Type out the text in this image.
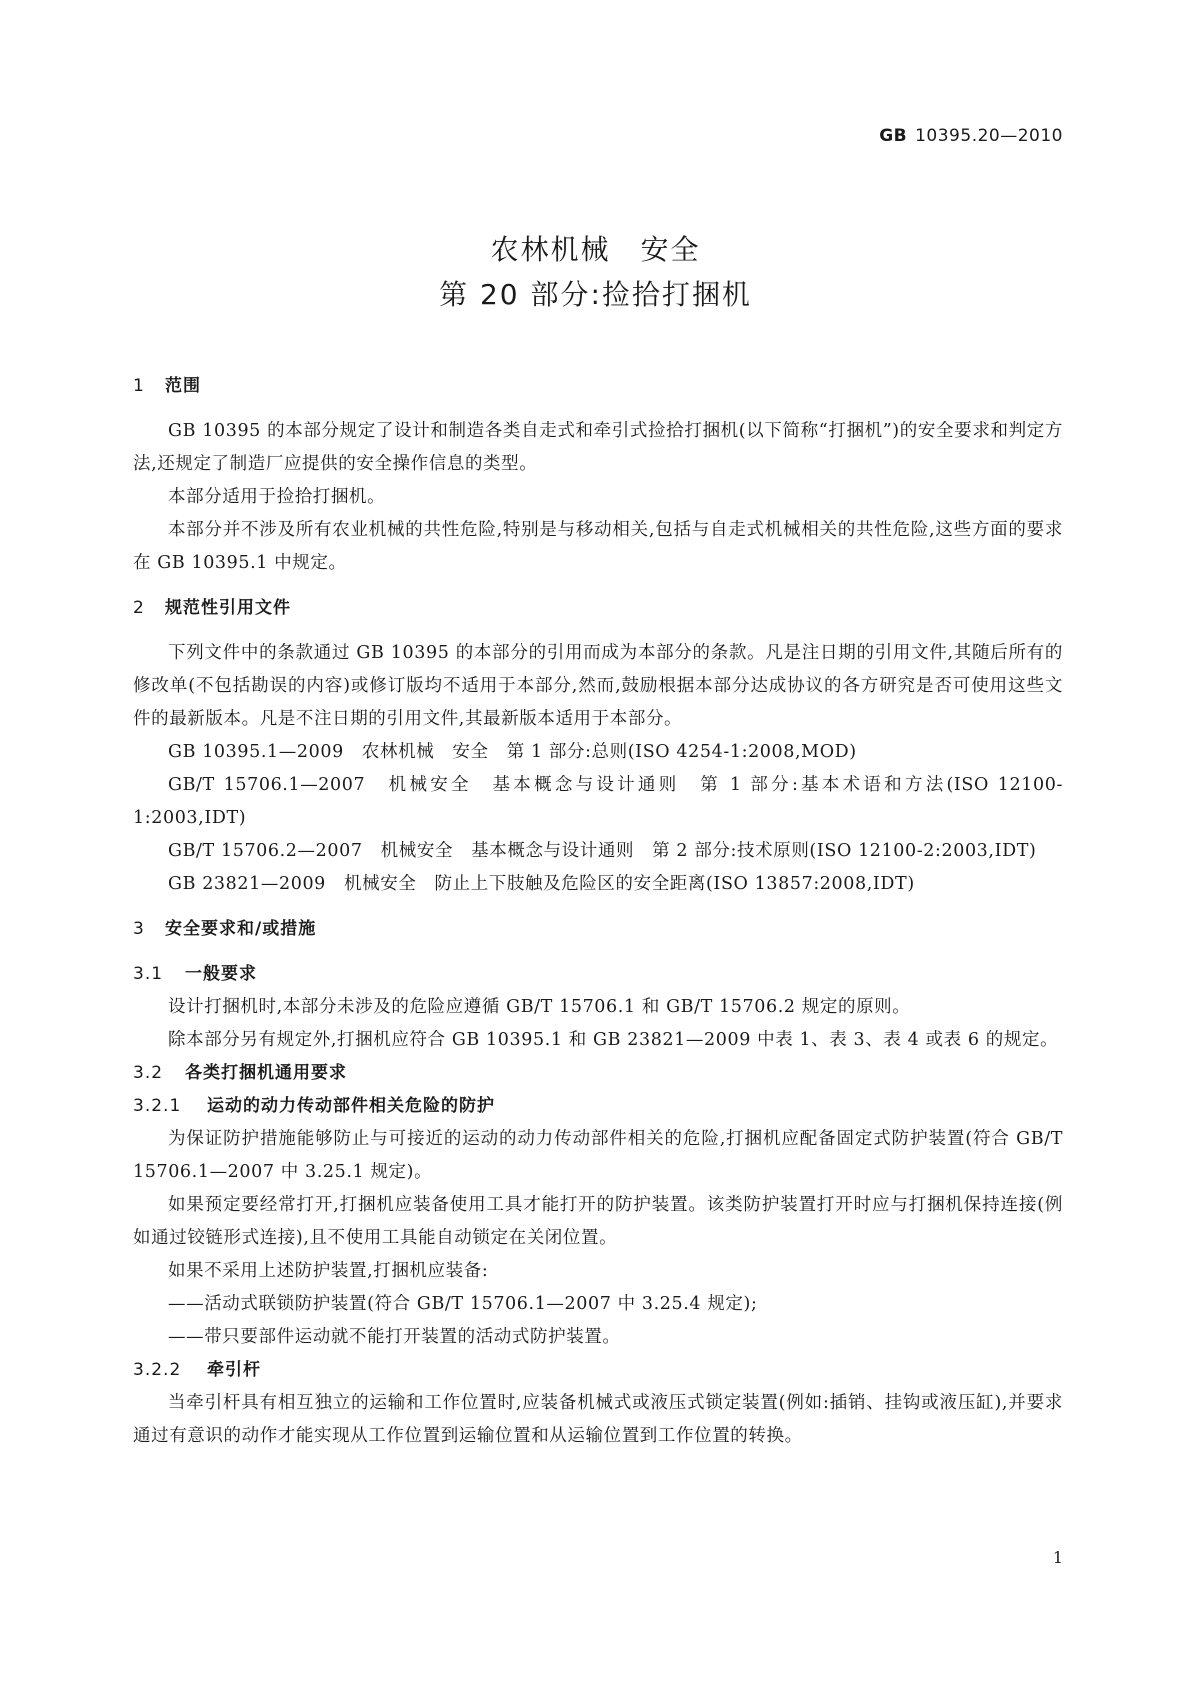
GB 10395.20—2010
农林机械　安全
第 20 部分:捡拾打捆机
1 范围
GB 10395 的本部分规定了设计和制造各类自走式和牵引式捡拾打捆机(以下简称“打捆机”)的安全要求和判定方法,还规定了制造厂应提供的安全操作信息的类型。
本部分适用于捡拾打捆机。
本部分并不涉及所有农业机械的共性危险,特别是与移动相关,包括与自走式机械相关的共性危险,这些方面的要求在 GB 10395.1 中规定。
2 规范性引用文件
下列文件中的条款通过 GB 10395 的本部分的引用而成为本部分的条款。凡是注日期的引用文件,其随后所有的修改单(不包括勘误的内容)或修订版均不适用于本部分,然而,鼓励根据本部分达成协议的各方研究是否可使用这些文件的最新版本。凡是不注日期的引用文件,其最新版本适用于本部分。
GB 10395.1—2009　农林机械　安全　第 1 部分:总则(ISO 4254-1:2008,MOD)
GB/T 15706.1—2007　机械安全　基本概念与设计通则　第 1 部分:基本术语和方法(ISO 12100-1:2003,IDT)
GB/T 15706.2—2007　机械安全　基本概念与设计通则　第 2 部分:技术原则(ISO 12100-2:2003,IDT)
GB 23821—2009　机械安全　防止上下肢触及危险区的安全距离(ISO 13857:2008,IDT)
3 安全要求和/或措施
3.1 一般要求
设计打捆机时,本部分未涉及的危险应遵循 GB/T 15706.1 和 GB/T 15706.2 规定的原则。
除本部分另有规定外,打捆机应符合 GB 10395.1 和 GB 23821—2009 中表 1、表 3、表 4 或表 6 的规定。
3.2 各类打捆机通用要求
3.2.1 运动的动力传动部件相关危险的防护
为保证防护措施能够防止与可接近的运动的动力传动部件相关的危险,打捆机应配备固定式防护装置(符合 GB/T 15706.1—2007 中 3.25.1 规定)。
如果预定要经常打开,打捆机应装备使用工具才能打开的防护装置。该类防护装置打开时应与打捆机保持连接(例如通过铰链形式连接),且不使用工具能自动锁定在关闭位置。
如果不采用上述防护装置,打捆机应装备:
——活动式联锁防护装置(符合 GB/T 15706.1—2007 中 3.25.4 规定);
——带只要部件运动就不能打开装置的活动式防护装置。
3.2.2 牵引杆
当牵引杆具有相互独立的运输和工作位置时,应装备机械式或液压式锁定装置(例如:插销、挂钩或液压缸),并要求通过有意识的动作才能实现从工作位置到运输位置和从运输位置到工作位置的转换。
1
